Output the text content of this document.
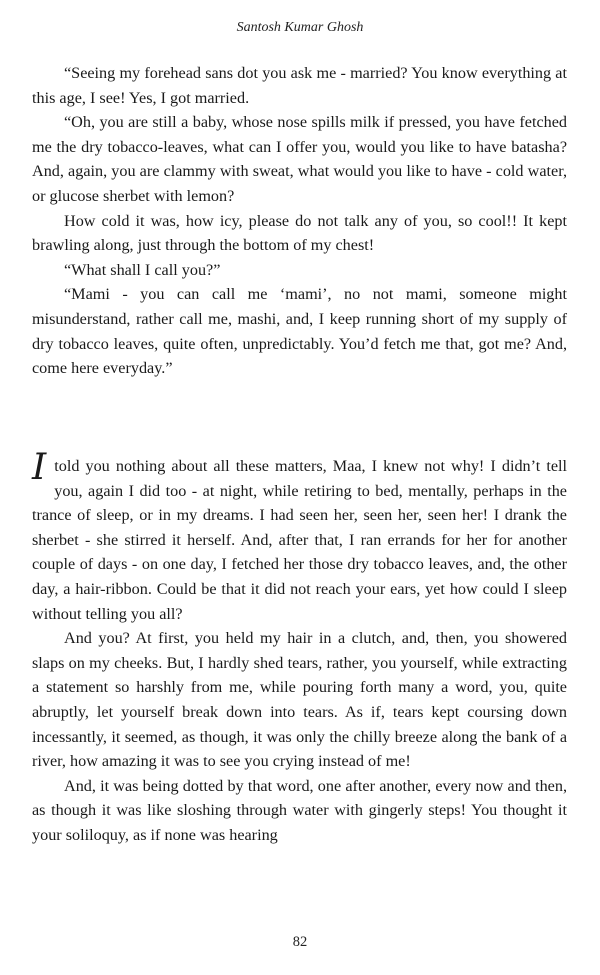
Santosh Kumar Ghosh

“Seeing my forehead sans dot you ask me - married? You know everything at this age, I see! Yes, I got married.

“Oh, you are still a baby, whose nose spills milk if pressed, you have fetched me the dry tobacco-leaves, what can I offer you, would you like to have batasha? And, again, you are clammy with sweat, what would you like to have - cold water, or glucose sherbet with lemon?

How cold it was, how icy, please do not talk any of you, so cool!! It kept brawling along, just through the bottom of my chest!

“What shall I call you?”

“Mami - you can call me ‘mami’, no not mami, someone might misunderstand, rather call me, mashi, and, I keep running short of my supply of dry tobacco leaves, quite often, unpredictably. You’d fetch me that, got me? And, come here everyday.”

Itold you nothing about all these matters, Maa, I knew not why! I didn’t tell you, again I did too - at night, while retiring to bed, mentally, perhaps in the trance of sleep, or in my dreams. I had seen her, seen her, seen her! I drank the sherbet - she stirred it herself. And, after that, I ran errands for her for another couple of days - on one day, I fetched her those dry tobacco leaves, and, the other day, a hair-ribbon. Could be that it did not reach your ears, yet how could I sleep without telling you all?

And you? At first, you held my hair in a clutch, and, then, you showered slaps on my cheeks. But, I hardly shed tears, rather, you yourself, while extracting a statement so harshly from me, while pouring forth many a word, you, quite abruptly, let yourself break down into tears. As if, tears kept coursing down incessantly, it seemed, as though, it was only the chilly breeze along the bank of a river, how amazing it was to see you crying instead of me!

And, it was being dotted by that word, one after another, every now and then, as though it was like sloshing through water with gingerly steps! You thought it your soliloquy, as if none was hearing

82
